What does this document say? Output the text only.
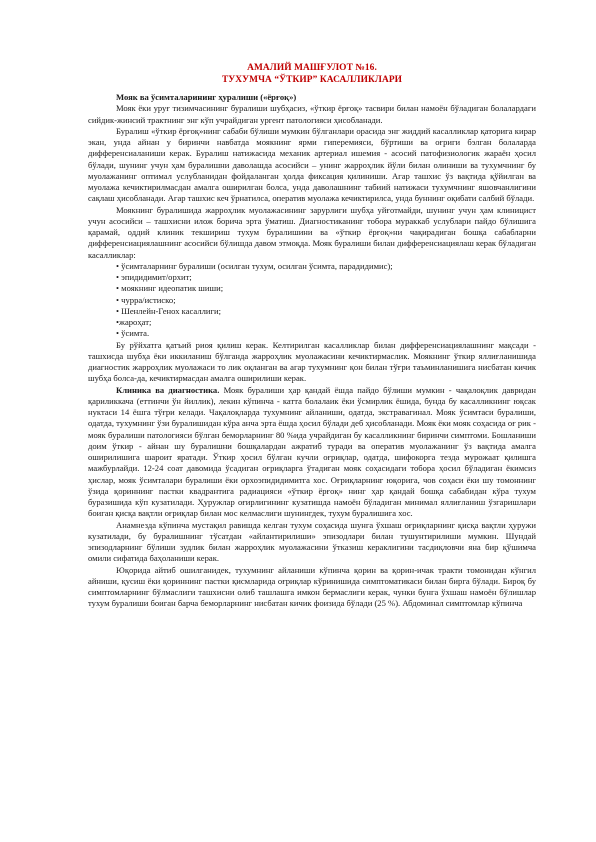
АМАЛИЙ МАШҒУЛОТ №16.
ТУХУМЧА “ЎТКИР” КАСАЛЛИКЛАРИ
Мояк ва ўсимталарининг ҳуралиши («ёрғоқ»)

Мояк ёки уруғ тизимчасининг буралиши шубҳасиз, «ўткир ёрғоқ» тасвири билан намоён бўладиган болалардаги сийдик-жинсий трактнинг энг кўп учрайдиган ургент патологияси ҳисобланади.

Буралиш «ўткир ёрғоқ»нинг сабаби бўлиши мумкин бўлганлари орасида энг жиддий касалликлар қаторига кирар экан, унда айнан у биринчи навбатда моякнинг ярми гиперемияси, бўртиши ва оғриги бэлган болаларда дифференсиаланиши керак. Буралиш натижасида механик артериал ишемия - асосий патофизиологик жараён ҳосил бўлади, шунинг учун ҳам буралишни даволашда асосийси – унинг жарроҳлик йўли билан олиниши ва тухумчнинг бу муолажанинг оптимал услубланидан фойдаланган ҳолда фиксация қилиниши. Агар ташхис ўз вақтида қўйилган ва муолажа кечиктирилмасдан амалга оширилган болса, унда даволашнинг табиий натижаси тухумчнинг яшовчанлигини сақлаш ҳисобланади. Агар ташхис кеч ўрнатилса, оператив муолажа кечиктирилса, унда буннинг оқибати салбий бўлади.

Моякнинг буралишида жарроҳлик муолажасининг зарурлиги шубҳа уйғотмайди, шунинг учун ҳам клиницист учун асосийси – ташхисни илож борича эрта ўматиш. Диагностиканинг тобора мураккаб услублари пайдо бўлишига қарамай, оддий клиник текшириш тухум буралишини ва «ўткир ёрғоқ»ни чақирадиган бошқа сабабларни дифференсиациялашнинг асосийси бўлишда давом этмоқда. Мояк буралиши билан дифференсиациялаш керак бўладиган касалликлар:

• ўсимталарнинг буралиши (осилган тухум, осилган ўсимта, парадидимис);
• эпидидимит/орхит;
• моякнинг идеопатик шиши;
• чурра/истиско;
• Шенлейн-Генох касаллиги;
•жароҳат;
• ўсимта.

Бу рўйхатга қатъий риоя қилиш керак. Келтирилган касалликлар билан дифференсиациялашнинг мақсади - ташхисда шубҳа ёки иккиланиш бўлганда жарроҳлик муолажасини кечиктирмаслик. Моякнинг ўткир яллиғланишида диагностик жарроҳлик муолажаси то лик оқланган ва агар тухумнинг қон билан тўғри таъминланишига нисбатан кичик шубҳа болса-да, кечиктирмасдан амалга оширилиши керак.

Клиника ва диагностика. Мояк буралиши ҳар қандай ёшда пайдо бўлиши мумкин - чақалоқлик давридан қариликкача (еттинчи ўн йиллик), лекин кўпинча - катта болалаик ёки ўсмирлик ёшида, бунда бу касалликнинг юқсак нуктаси 14 ёшга тўғри келади. Чақалоқларда тухумнинг айланиши, одатда, экстравагинал. Мояк ўсимтаси буралиши, одатда, тухумнинг ўзи буралишидан кўра анча эрта ёшда ҳосил бўлади деб ҳисобланади. Мояк ёки мояк соҳасида оғ рик - мояк буралиши патологияси бўлган беморларнинг 80 %ида учрайдиган бу касалликнинг биринчи симптоми. Бошланиши доим ўткир - айнан шу буралишни бошқалардан ажратиб туради ва оператив муолажанинг ўз вақтида амалга оширилишига шароит яратади. Ўткир ҳосил бўлган кучли оғриқлар, одатда, шифокорга тезда мурожаат қилишга мажбурлайди. 12-24 соат давомида ўсадиган оғриқларга ўтадиган мояк соҳасидаги тобора ҳосил бўладиган ёкимсиз ҳислар, мояк ўсимталари буралиши ёки орхоэпидидимитга хос. Оғриқларнинг юқорига, чов соҳаси ёки шу томоннинг ўзида қориннинг пастки квадрантига радиацияси «ўткир ёрғоқ» нинг ҳар қандай бошқа сабабидан кўра тухум буразишида кўп кузатилади. Ҳуружлар оғирлигининг кузатишда намоён бўладиган минимал яллиғланиш ўзгаришлари боиган қисқа вақтли оғриқлар билан мос келмаслиги шунингдек, тухум буралишига хос.

Анамнезда кўпинча мустақил равишда келган тухум соҳасида шунга ўхшаш оғриқларнинг қисқа вақтли ҳуружи кузатилади, бу буралишнинг тўсатдан «айлантирилиши» эпизодлари билан тушунтирилиши мумкин. Шундай эпизодларнинг бўлиши зудлик билан жарроҳлик муолажасини ўтказиш кераклигини тасдиқловчи яна бир қўшимча омили сифатида баҳоланиши керак.

Юқорида айтиб ошилганидек, тухумнинг айланиши кўпинча қорин ва қорин-ичак тракти томонидан кўнгил айниши, қусиш ёки қориннинг пастки қисмларида оғриқлар кўринишида симптоматикаси билан бирга бўлади. Бироқ бу симптомларнинг бўлмаслиги ташхисни олиб ташлашга имкон бермаслиги керак, чунки бунга ўхшаш намоён бўлишлар тухум буралиши боиган барча беморларнинг нисбатан кичик фоизида бўлади (25 %). Абдоминал симптомлар кўпинча
